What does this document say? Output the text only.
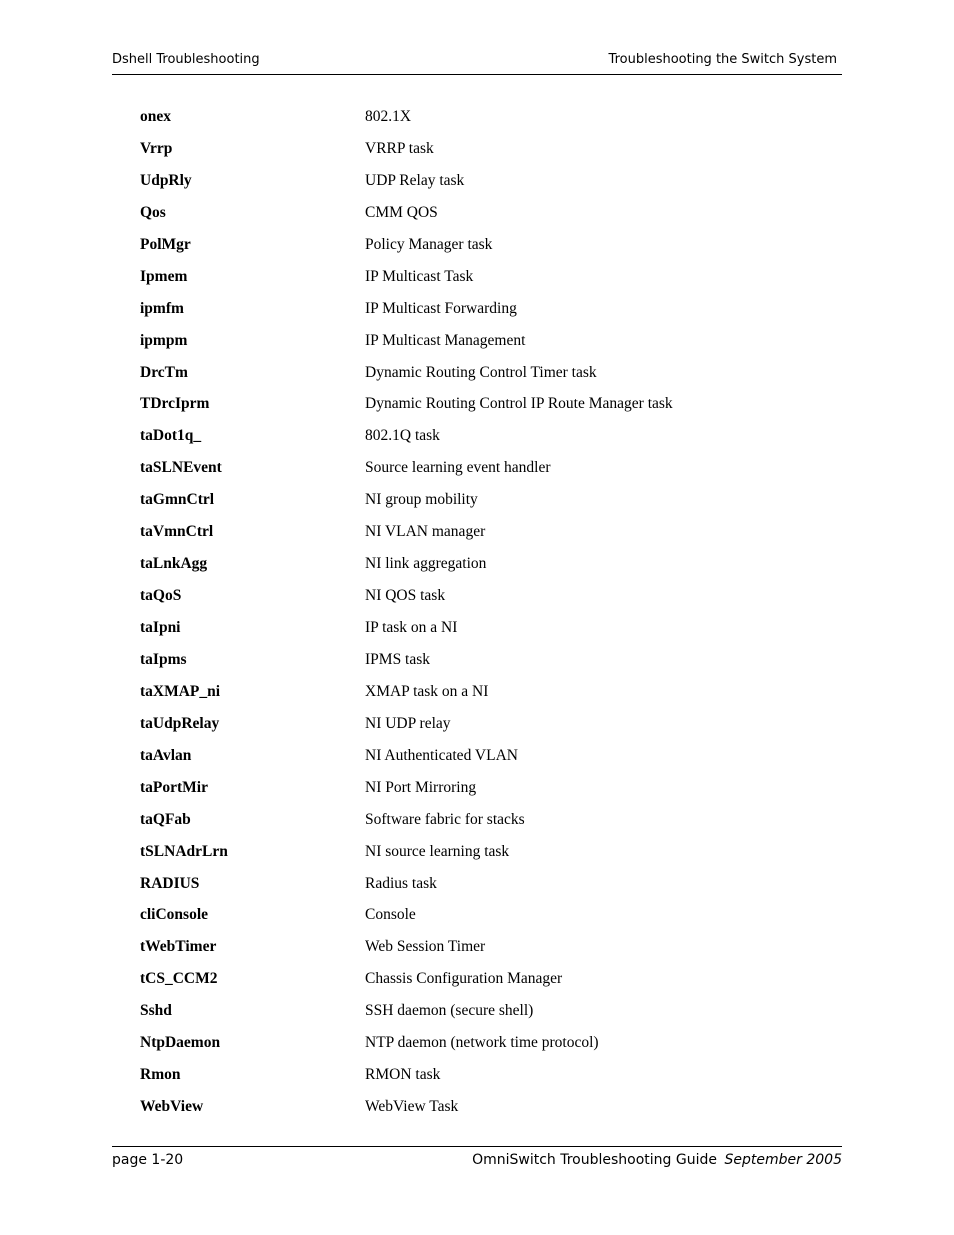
Dshell Troubleshooting	Troubleshooting the Switch System
onex	802.1X
Vrrp	VRRP task
UdpRly	UDP Relay task
Qos	CMM QOS
PolMgr	Policy Manager task
Ipmem	IP Multicast Task
ipmfm	IP Multicast Forwarding
ipmpm	IP Multicast Management
DrcTm	Dynamic Routing Control Timer task
TDrcIprm	Dynamic Routing Control IP Route Manager task
taDot1q_	802.1Q task
taSLNEvent	Source learning event handler
taGmnCtrl	NI group mobility
taVmnCtrl	NI VLAN manager
taLnkAgg	NI link aggregation
taQoS	NI QOS task
taIpni	IP task on a NI
taIpms	IPMS task
taXMAP_ni	XMAP task on a NI
taUdpRelay	NI UDP relay
taAvlan	NI Authenticated VLAN
taPortMir	NI Port Mirroring
taQFab	Software fabric for stacks
tSLNAdrLrn	NI source learning task
RADIUS	Radius task
cliConsole	Console
tWebTimer	Web Session Timer
tCS_CCM2	Chassis Configuration Manager
Sshd	SSH daemon (secure shell)
NtpDaemon	NTP daemon (network time protocol)
Rmon	RMON task
WebView	WebView Task
page 1-20	OmniSwitch Troubleshooting Guide September 2005
